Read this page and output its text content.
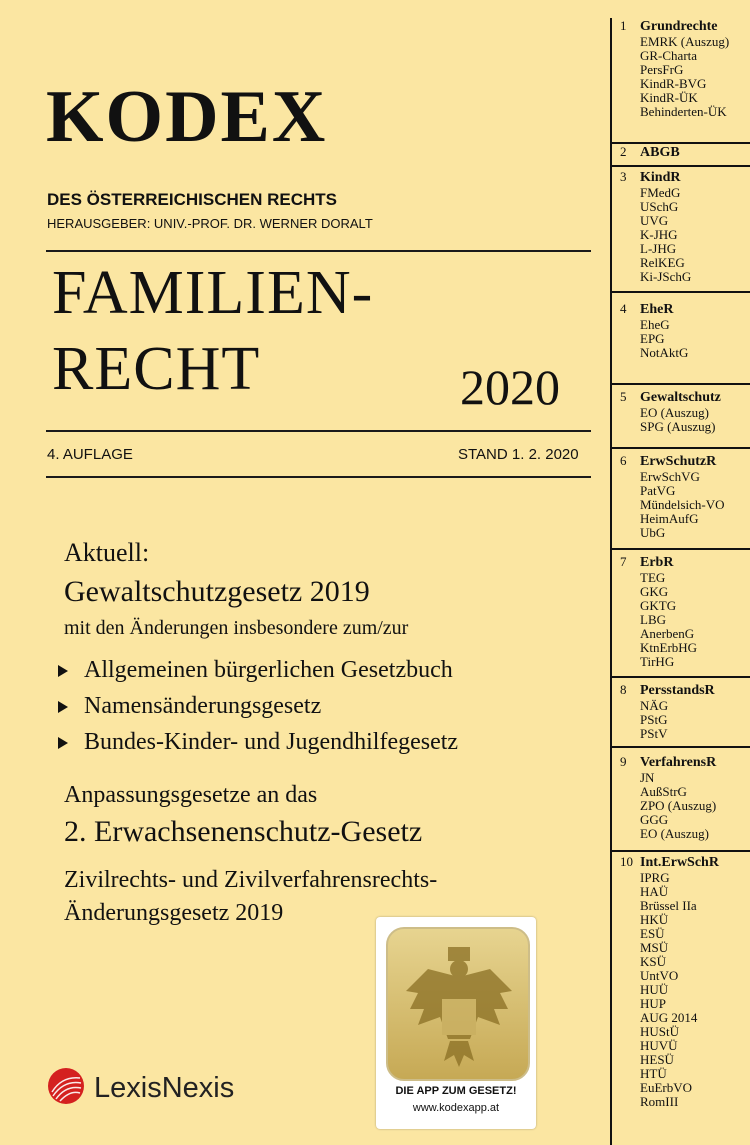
KODEX
DES ÖSTERREICHISCHEN RECHTS
HERAUSGEBER: UNIV.-PROF. DR. WERNER DORALT
FAMILIEN-
RECHT	2020
4. AUFLAGE	STAND 1. 2. 2020
Aktuell:
Gewaltschutzgesetz 2019
mit den Änderungen insbesondere zum/zur
Allgemeinen bürgerlichen Gesetzbuch
Namensänderungsgesetz
Bundes-Kinder- und Jugendhilfegesetz
Anpassungsgesetze an das
2. Erwachsenenschutz-Gesetz
Zivilrechts- und Zivilverfahrensrechts-
Änderungsgesetz 2019
DIE APP ZUM GESETZ!
www.kodexapp.at
LexisNexis
1 Grundrechte
EMRK (Auszug)
GR-Charta
PersFrG
KindR-BVG
KindR-ÜK
Behinderten-ÜK
2 ABGB
3 KindR
FMedG
USchG
UVG
K-JHG
L-JHG
RelKEG
Ki-JSchG
4 EheR
EheG
EPG
NotAktG
5 Gewaltschutz
EO (Auszug)
SPG (Auszug)
6 ErwSchutzR
ErwSchVG
PatVG
Mündelsich-VO
HeimAufG
UbG
7 ErbR
TEG
GKG
GKTG
LBG
AnerbenG
KtnErbHG
TirHG
8 PersstandsR
NÄG
PStG
PStV
9 VerfahrensR
JN
AußStrG
ZPO (Auszug)
GGG
EO (Auszug)
10 Int.ErwSchR
IPRG
HAÜ
Brüssel IIa
HKÜ
ESÜ
MSÜ
KSÜ
UntVO
HUÜ
HUP
AUG 2014
HUStÜ
HUVÜ
HESÜ
HTÜ
EuErbVO
RomIII
